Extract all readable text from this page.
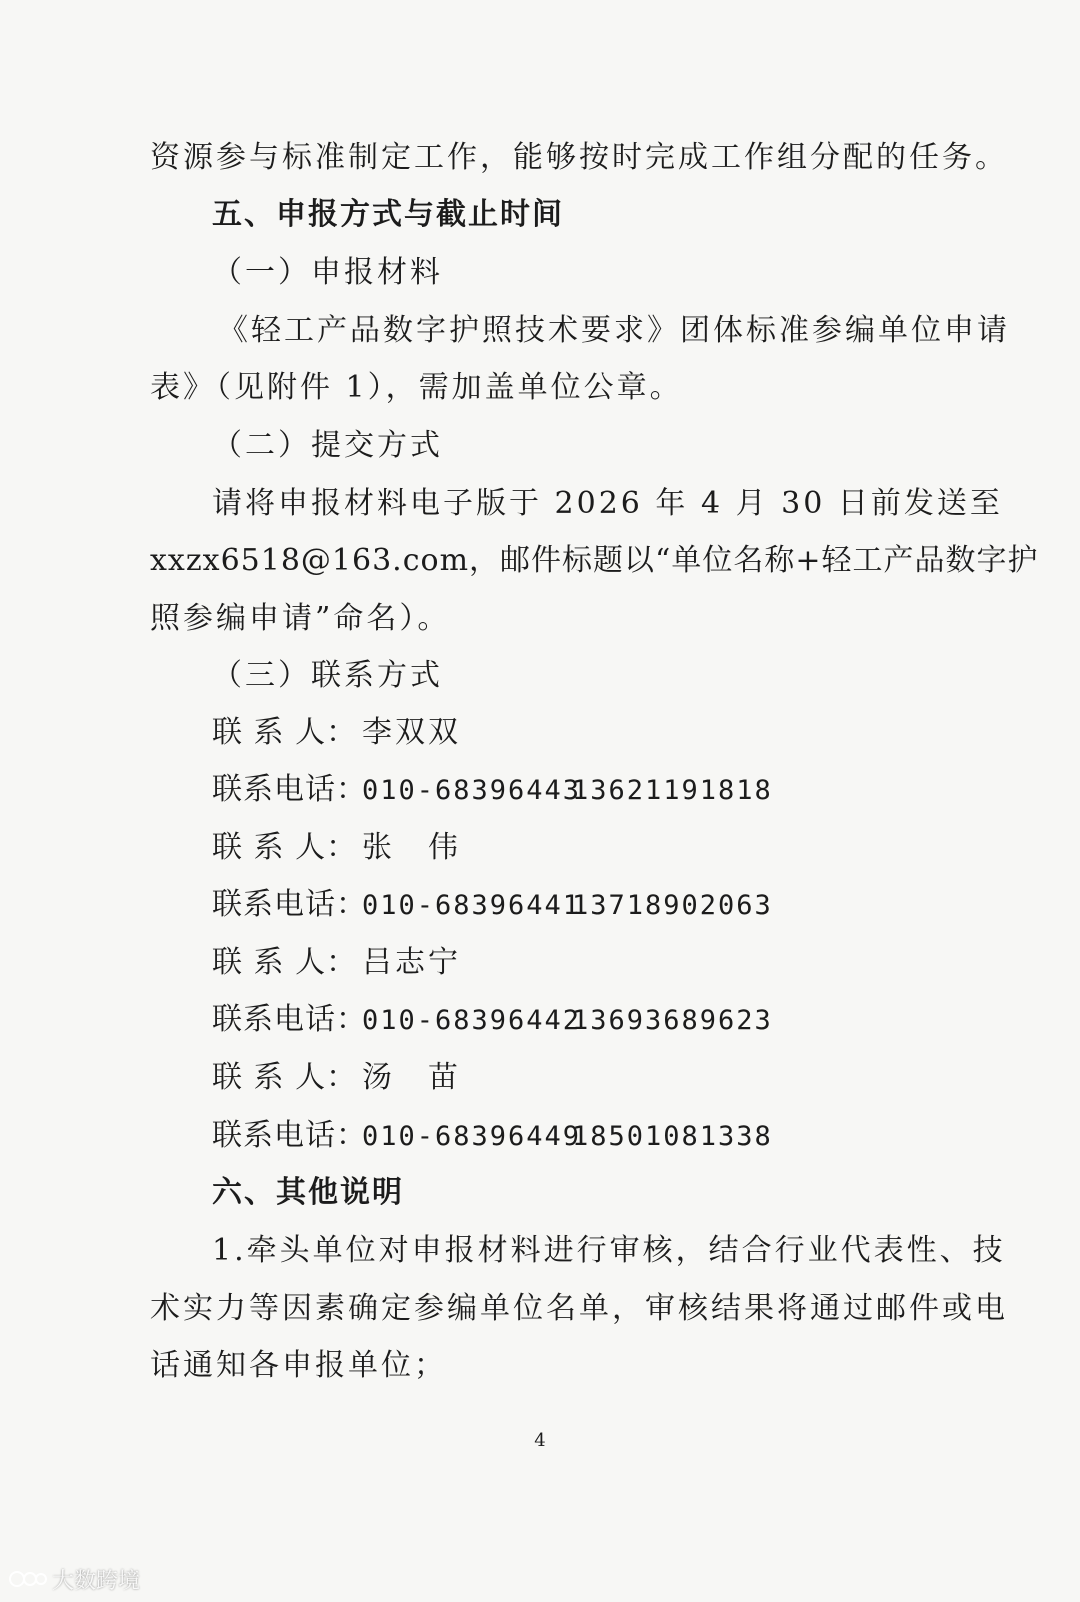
资源参与标准制定工作，能够按时完成工作组分配的任务。
五、申报方式与截止时间
（一）申报材料
《轻工产品数字护照技术要求》团体标准参编单位申请
表》（见附件 1），需加盖单位公章。
（二）提交方式
请将申报材料电子版于 2026 年 4 月 30 日前发送至
xxzx6518@163.com，邮件标题以“单位名称+轻工产品数字护
照参编申请”命名）。
（三）联系方式
联 系 人： 李双双
联系电话：010-6839644313621191818
联 系 人： 张　伟
联系电话：010-6839644113718902063
联 系 人： 吕志宁
联系电话：010-6839644213693689623
联 系 人： 汤　苗
联系电话：010-6839644918501081338
六、其他说明
1.牵头单位对申报材料进行审核，结合行业代表性、技
术实力等因素确定参编单位名单，审核结果将通过邮件或电
话通知各申报单位；
4
大数跨境
